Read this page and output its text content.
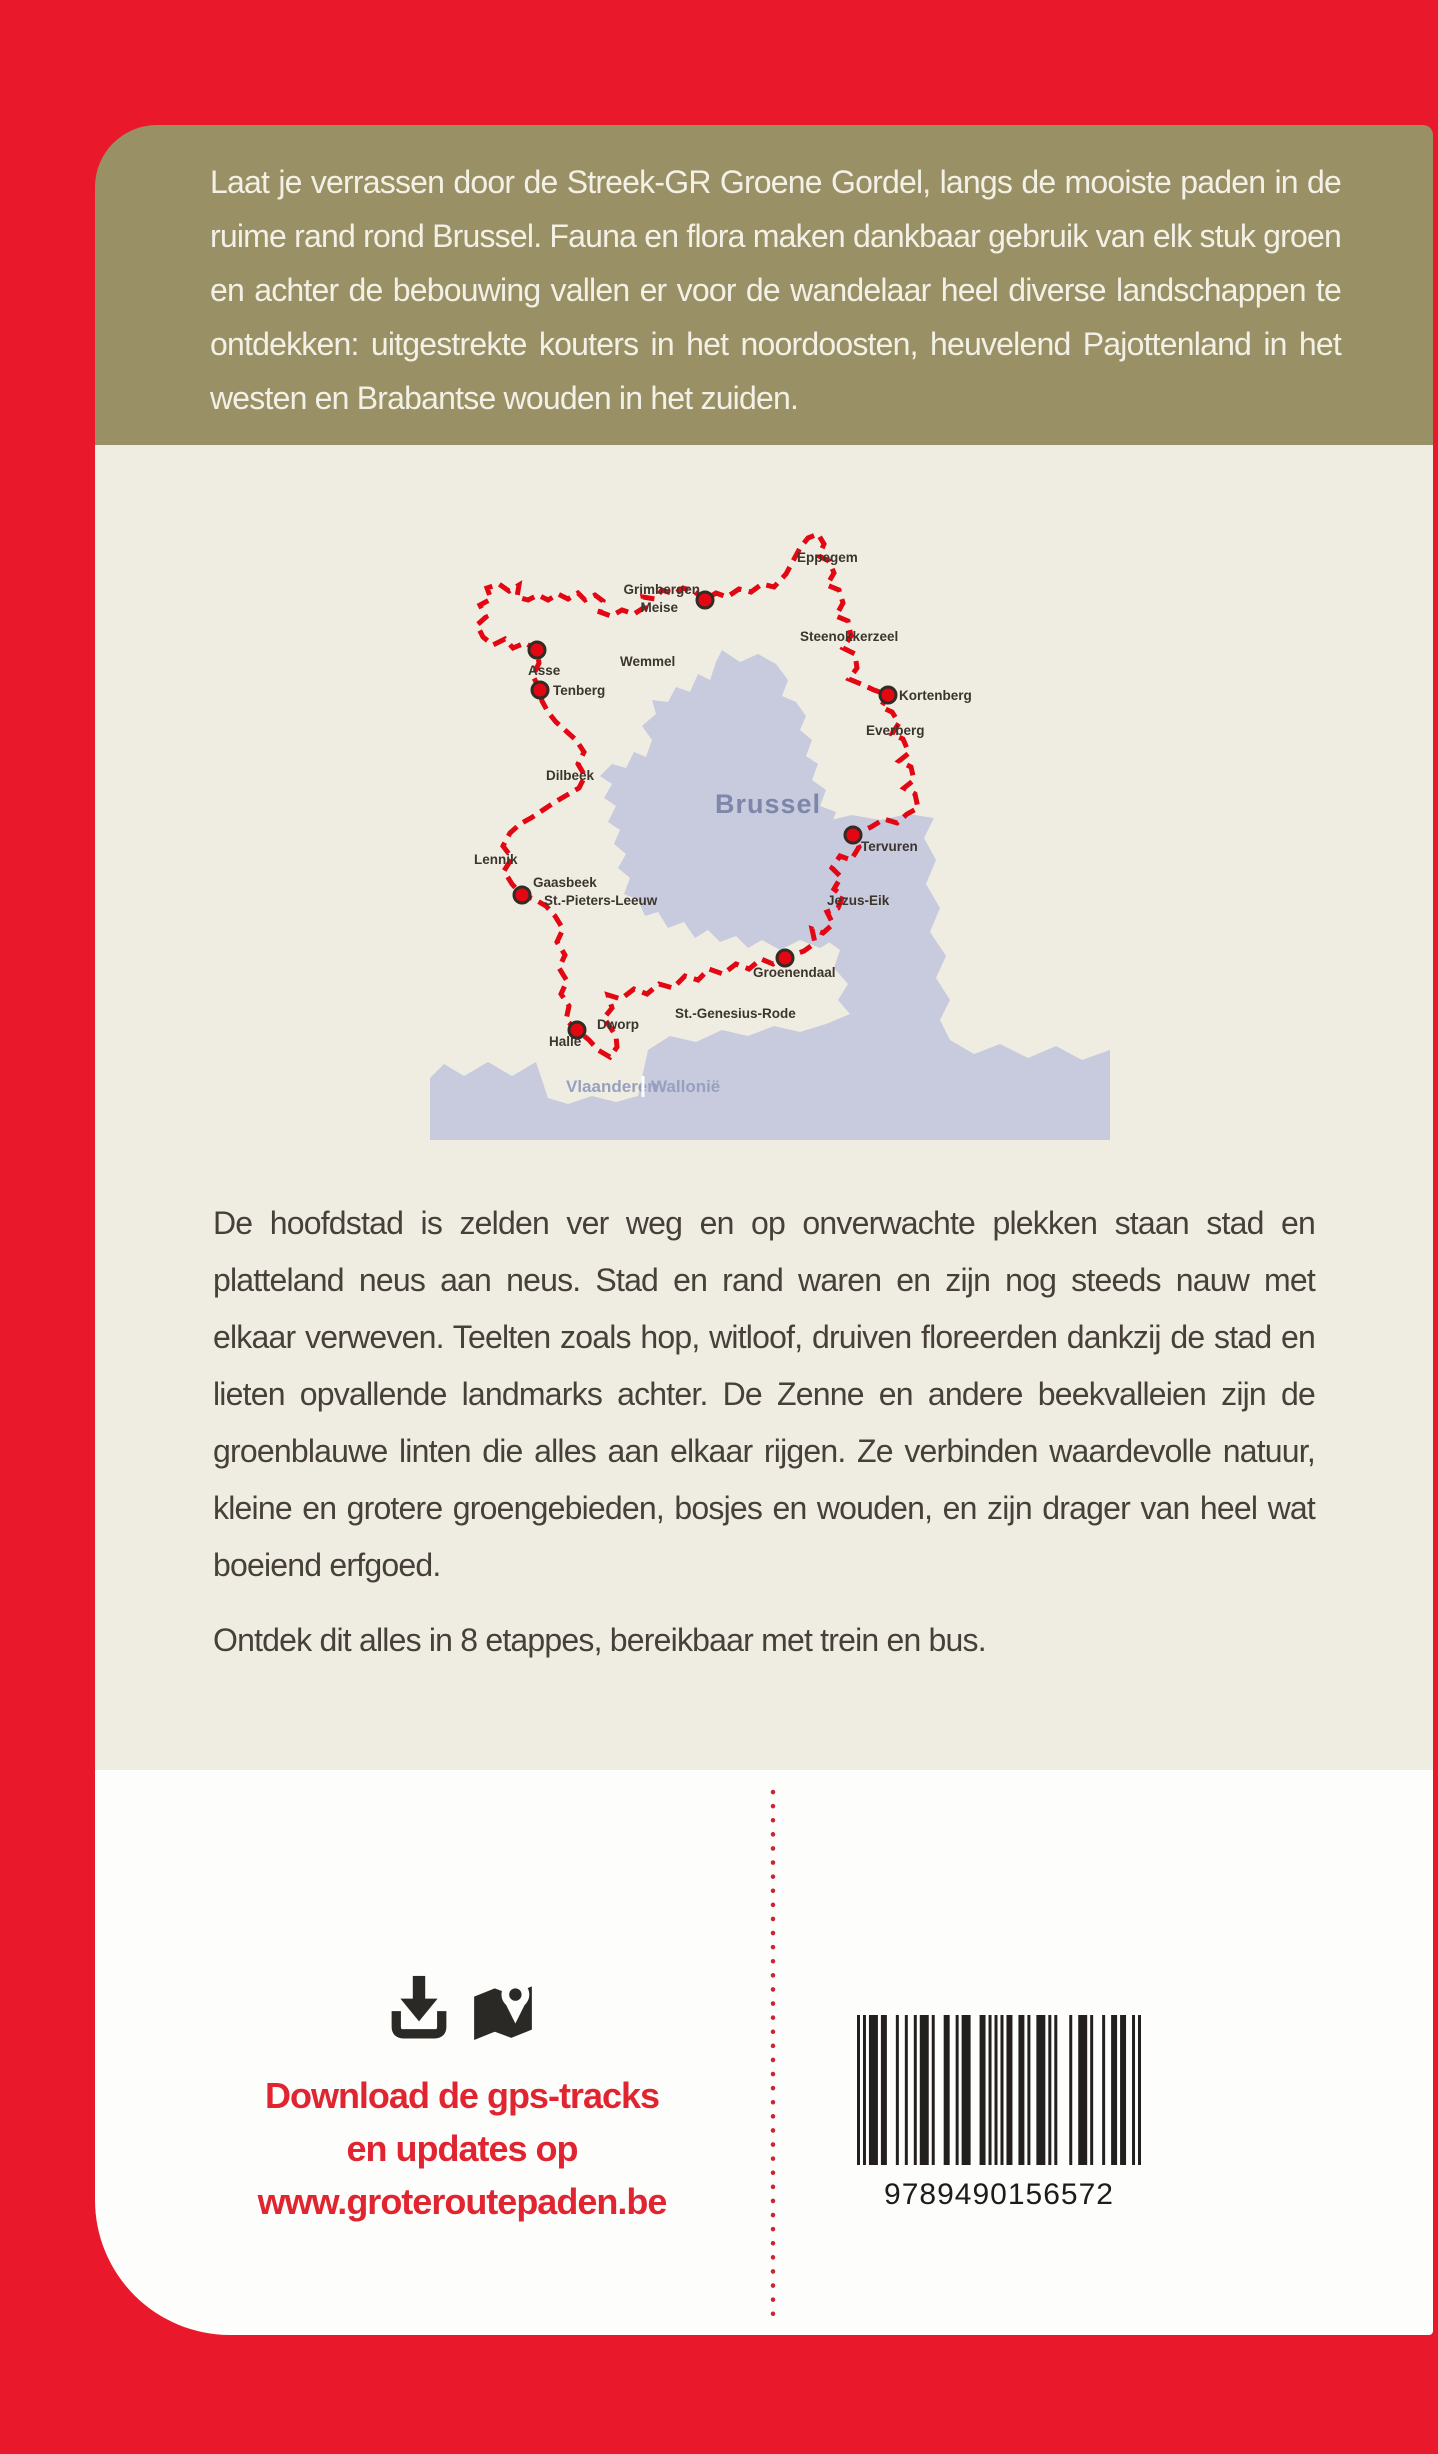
Laat je verrassen door de Streek-GR Groene Gordel, langs de mooiste paden in de ruime rand rond Brussel. Fauna en flora maken dankbaar gebruik van elk stuk groen en achter de bebouwing vallen er voor de wandelaar heel diverse landschappen te ontdekken: uitgestrekte kouters in het noordoosten, heuvelend Pajottenland in het westen en Brabantse wouden in het zuiden.

Eppegem
Grimbergen
Meise
Steenokkerzeel
Asse
Wemmel
Tenberg	Kortenberg
Everberg
Dilbeek
Brussel
Lennik
Gaasbeek
St.-Pieters-Leeuw
Tervuren
Jezus-Eik
Groenendaal
St.-Genesius-Rode
Dworp
Halle
Vlaanderen
Wallonië

De hoofdstad is zelden ver weg en op onverwachte plekken staan stad en platteland neus aan neus. Stad en rand waren en zijn nog steeds nauw met elkaar verweven. Teelten zoals hop, witloof, druiven floreerden dankzij de stad en lieten opvallende landmarks achter. De Zenne en andere beekvalleien zijn de groenblauwe linten die alles aan elkaar rijgen. Ze verbinden waardevolle natuur, kleine en grotere groengebieden, bosjes en wouden, en zijn drager van heel wat boeiend erfgoed.

Ontdek dit alles in 8 etappes, bereikbaar met trein en bus.

Download de gps-tracks
en updates op
www.groteroutepaden.be	9789490156572
